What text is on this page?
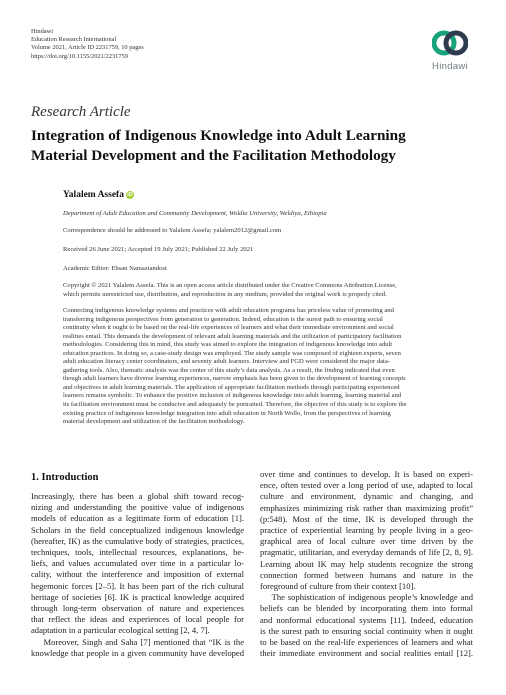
Hindawi
Education Research International
Volume 2021, Article ID 2231759, 10 pages
https://doi.org/10.1155/2021/2231759
Hindawi
Research Article
Integration of Indigenous Knowledge into Adult Learning
Material Development and the Facilitation Methodology
Yalalem Assefa iD
Department of Adult Education and Community Development, Woldia University, Weldiya, Ethiopia
Correspondence should be addressed to Yalalem Assefa; yalalem2012@gmail.com
Received 26 June 2021; Accepted 19 July 2021; Published 22 July 2021
Academic Editor: Ehsan Namaziandost
Copyright © 2021 Yalalem Assefa. This is an open access article distributed under the Creative Commons Attribution License,
which permits unrestricted use, distribution, and reproduction in any medium, provided the original work is properly cited.
Connecting indigenous knowledge systems and practices with adult education programs has priceless value of promoting and
transferring indigenous perspectives from generation to generation. Indeed, education is the surest path to ensuring social
continuity when it ought to be based on the real-life experiences of learners and what their immediate environment and social
realities entail. This demands the development of relevant adult learning materials and the utilization of participatory facilitation
methodologies. Considering this in mind, this study was aimed to explore the integration of indigenous knowledge into adult
education practices. In doing so, a case-study design was employed. The study sample was composed of eighteen experts, seven
adult education literacy center coordinators, and seventy adult learners. Interview and FGD were considered the major data-
gathering tools. Also, thematic analysis was the center of this study’s data analysis. As a result, the finding indicated that even
though adult learners have diverse learning experiences, narrow emphasis has been given to the development of learning concepts
and objectives in adult learning materials. The application of appropriate facilitation methods through participating experienced
learners remains symbolic. To enhance the positive inclusion of indigenous knowledge into adult learning, learning material and
its facilitation environment must be conducive and adequately be portraited. Therefore, the objective of this study is to explore the
existing practice of indigenous knowledge integration into adult education in North Wollo, from the perspectives of learning
material development and utilization of the facilitation methodology.
1. Introduction
Increasingly, there has been a global shift toward recog-
nizing and understanding the positive value of indigenous
models of education as a legitimate form of education [1].
Scholars in the field conceptualized indigenous knowledge
(hereafter, IK) as the cumulative body of strategies, practices,
techniques, tools, intellectual resources, explanations, be-
liefs, and values accumulated over time in a particular lo-
cality, without the interference and imposition of external
hegemonic forces [2–5]. It has been part of the rich cultural
heritage of societies [6]. IK is practical knowledge acquired
through long-term observation of nature and experiences
that reflect the ideas and experiences of local people for
adaptation in a particular ecological setting [2, 4, 7].
Moreover, Singh and Saha [7] mentioned that “IK is the
knowledge that people in a given community have developed
over time and continues to develop. It is based on experi-
ence, often tested over a long period of use, adapted to local
culture and environment, dynamic and changing, and
emphasizes minimizing risk rather than maximizing profit”
(p:548). Most of the time, IK is developed through the
practice of experiential learning by people living in a geo-
graphical area of local culture over time driven by the
pragmatic, utilitarian, and everyday demands of life [2, 8, 9].
Learning about IK may help students recognize the strong
connection formed between humans and nature in the
foreground of culture from their context [10].
The sophistication of indigenous people’s knowledge and
beliefs can be blended by incorporating them into formal
and nonformal educational systems [11]. Indeed, education
is the surest path to ensuring social continuity when it ought
to be based on the real-life experiences of learners and what
their immediate environment and social realities entail [12].
